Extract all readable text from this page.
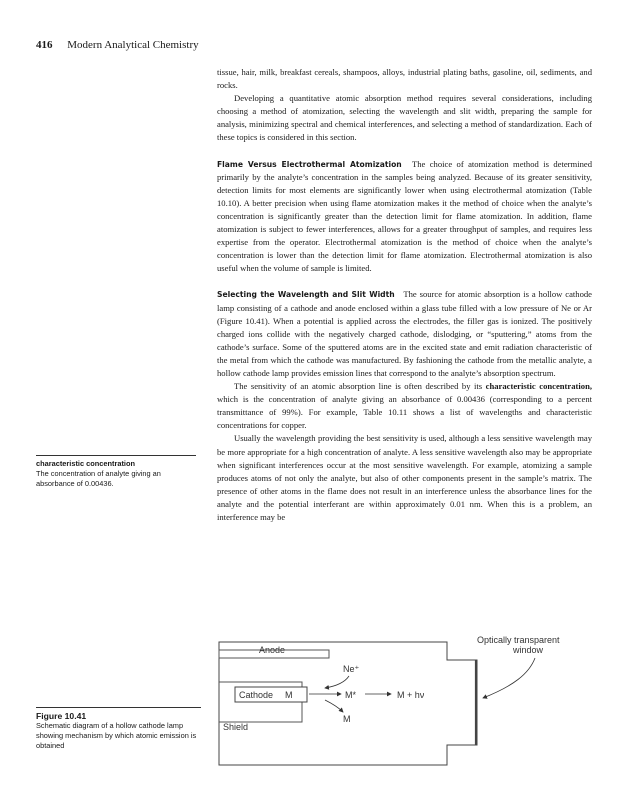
416 Modern Analytical Chemistry

tissue, hair, milk, breakfast cereals, shampoos, alloys, industrial plating baths, gasoline, oil, sediments, and rocks.

Developing a quantitative atomic absorption method requires several considerations, including choosing a method of atomization, selecting the wavelength and slit width, preparing the sample for analysis, minimizing spectral and chemical interferences, and selecting a method of standardization. Each of these topics is considered in this section.

Flame Versus Electrothermal Atomization The choice of atomization method is determined primarily by the analyte’s concentration in the samples being analyzed. Because of its greater sensitivity, detection limits for most elements are significantly lower when using electrothermal atomization (Table 10.10). A better precision when using flame atomization makes it the method of choice when the analyte’s concentration is significantly greater than the detection limit for flame atomization. In addition, flame atomization is subject to fewer interferences, allows for a greater throughput of samples, and requires less expertise from the operator. Electrothermal atomization is the method of choice when the analyte’s concentration is lower than the detection limit for flame atomization. Electrothermal atomization is also useful when the volume of sample is limited.

Selecting the Wavelength and Slit Width The source for atomic absorption is a hollow cathode lamp consisting of a cathode and anode enclosed within a glass tube filled with a low pressure of Ne or Ar (Figure 10.41). When a potential is applied across the electrodes, the filler gas is ionized. The positively charged ions collide with the negatively charged cathode, dislodging, or “sputtering,” atoms from the cathode’s surface. Some of the sputtered atoms are in the excited state and emit radiation characteristic of the metal from which the cathode was manufactured. By fashioning the cathode from the metallic analyte, a hollow cathode lamp provides emission lines that correspond to the analyte’s absorption spectrum.

The sensitivity of an atomic absorption line is often described by its characteristic concentration, which is the concentration of analyte giving an absorbance of 0.00436 (corresponding to a percent transmittance of 99%). For example, Table 10.11 shows a list of wavelengths and characteristic concentrations for copper.

Usually the wavelength providing the best sensitivity is used, although a less sensitive wavelength may be more appropriate for a high concentration of analyte. A less sensitive wavelength also may be appropriate when significant interferences occur at the most sensitive wavelength. For example, atomizing a sample produces atoms of not only the analyte, but also of other components present in the sample’s matrix. The presence of other atoms in the flame does not result in an interference unless the absorbance lines for the analyte and the potential interferant are within approximately 0.01 nm. When this is a problem, an interference may be

characteristic concentration
The concentration of analyte giving an absorbance of 0.00436.
Figure 10.41
Schematic diagram of a hollow cathode lamp showing mechanism by which atomic emission is obtained
Anode
Shield
Cathode M
Ne⁺
M*	M + hν
M
Optically transparent
window
